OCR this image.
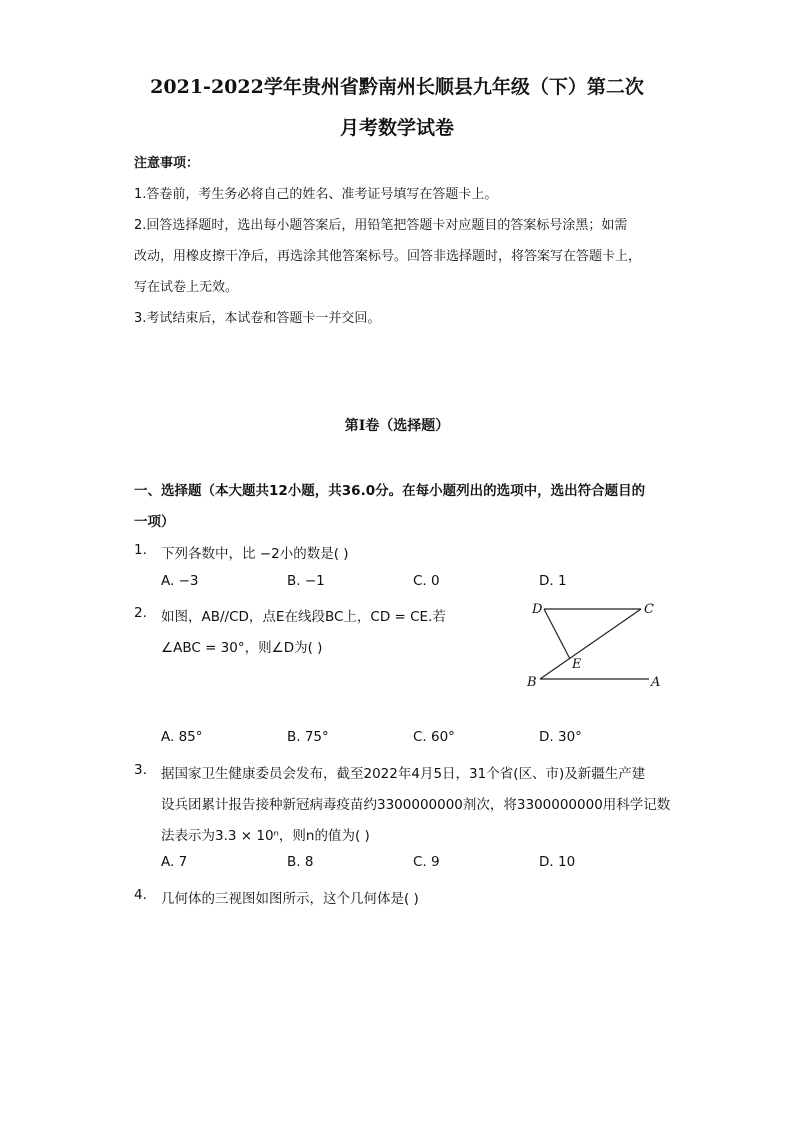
2021-2022学年贵州省黔南州长顺县九年级（下）第二次
月考数学试卷
注意事项：
1.答卷前，考生务必将自己的姓名、准考证号填写在答题卡上。
2.回答选择题时，选出每小题答案后，用铅笔把答题卡对应题目的答案标号涂黑；如需
改动，用橡皮擦干净后，再选涂其他答案标号。回答非选择题时，将答案写在答题卡上，
写在试卷上无效。
3.考试结束后，本试卷和答题卡一并交回。
第Ⅰ卷（选择题）
一、选择题（本大题共12小题，共36.0分。在每小题列出的选项中，选出符合题目的
一项）
1. 下列各数中，比 −2小的数是( )
A. −3	B. −1	C. 0	D. 1
2. 如图，AB//CD，点E在线段BC上，CD = CE.若
∠ABC = 30°，则∠D为( )
D	C
E
B	A
A. 85°	B. 75°	C. 60°	D. 30°
3. 据国家卫生健康委员会发布，截至2022年4月5日，31个省(区、市)及新疆生产建
设兵团累计报告接种新冠病毒疫苗约3300000000剂次，将3300000000用科学记数
法表示为3.3 × 10ⁿ，则n的值为( )
A. 7	B. 8	C. 9	D. 10
4. 几何体的三视图如图所示，这个几何体是( )
